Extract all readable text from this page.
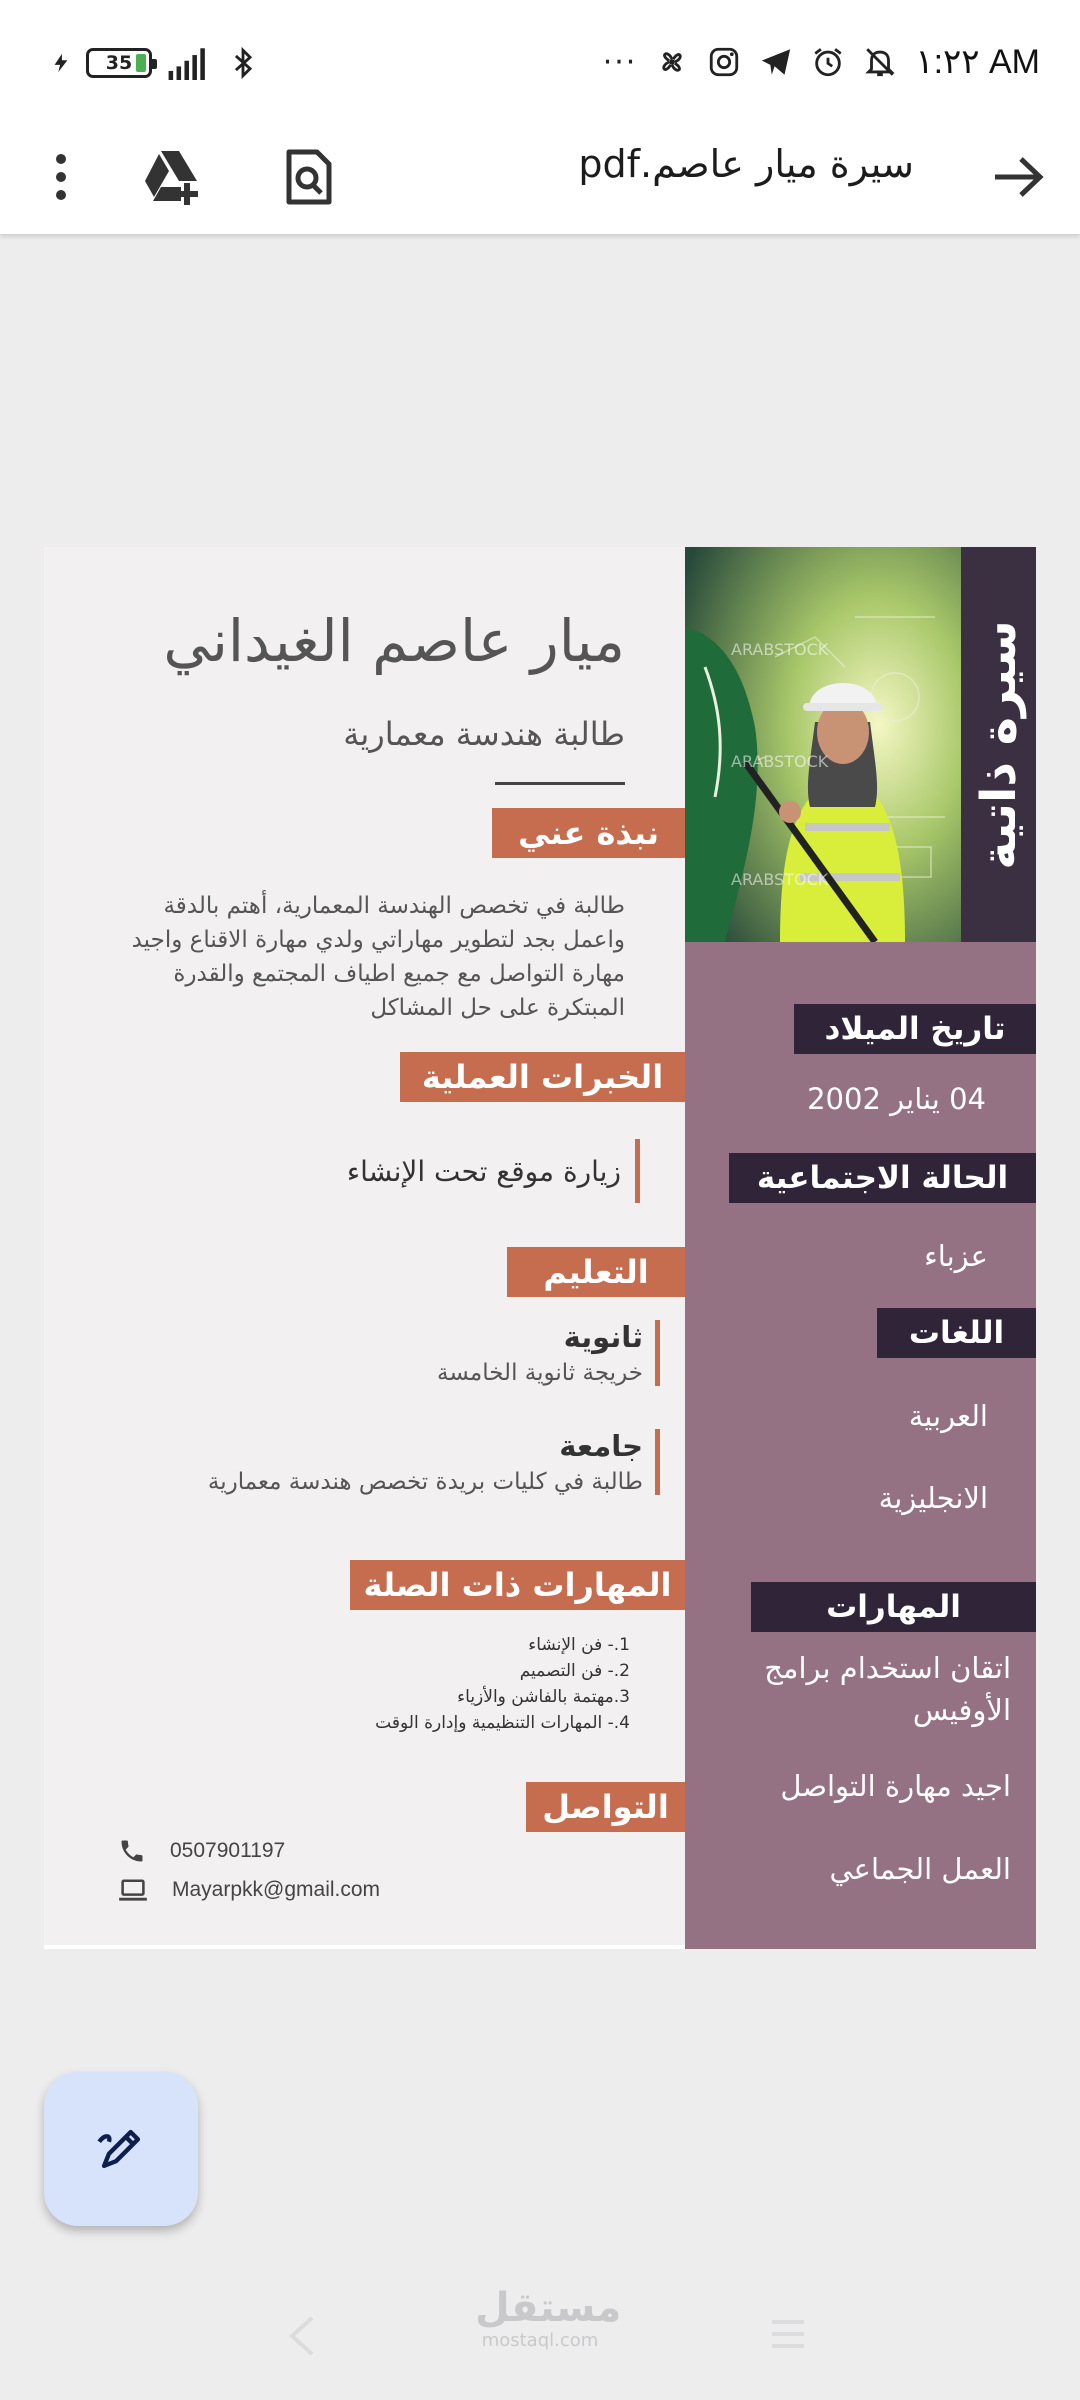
35	···	١:٢٢ AM
سيرة ميار عاصم.pdf
ARABSTOCK
ARABSTOCK
ARABSTOCK
سيرة ذاتية
تاريخ الميلاد
04 يناير 2002
الحالة الاجتماعية
عزباء
اللغات
العربية
الانجليزية
المهارات
اتقان استخدام برامج الأوفيس
اجيد مهارة التواصل
العمل الجماعي
ميار عاصم الغيداني
طالبة هندسة معمارية
نبذة عني
طالبة في تخصص الهندسة المعمارية، أهتم بالدقة واعمل بجد لتطوير مهاراتي ولدي مهارة الاقناع واجيد مهارة التواصل مع جميع اطياف المجتمع والقدرة المبتكرة على حل المشاكل
الخبرات العملية
زيارة موقع تحت الإنشاء
التعليم
ثانوية
خريجة ثانوية الخامسة
جامعة
طالبة في كليات بريدة تخصص هندسة معمارية
المهارات ذات الصلة
1.- فن الإنشاء
2.- فن التصميم
3.مهتمة بالفاشن والأزياء
4.- المهارات التنظيمية وإدارة الوقت
التواصل
0507901197
Mayarpkk@gmail.com
مستقل
mostaql.com
